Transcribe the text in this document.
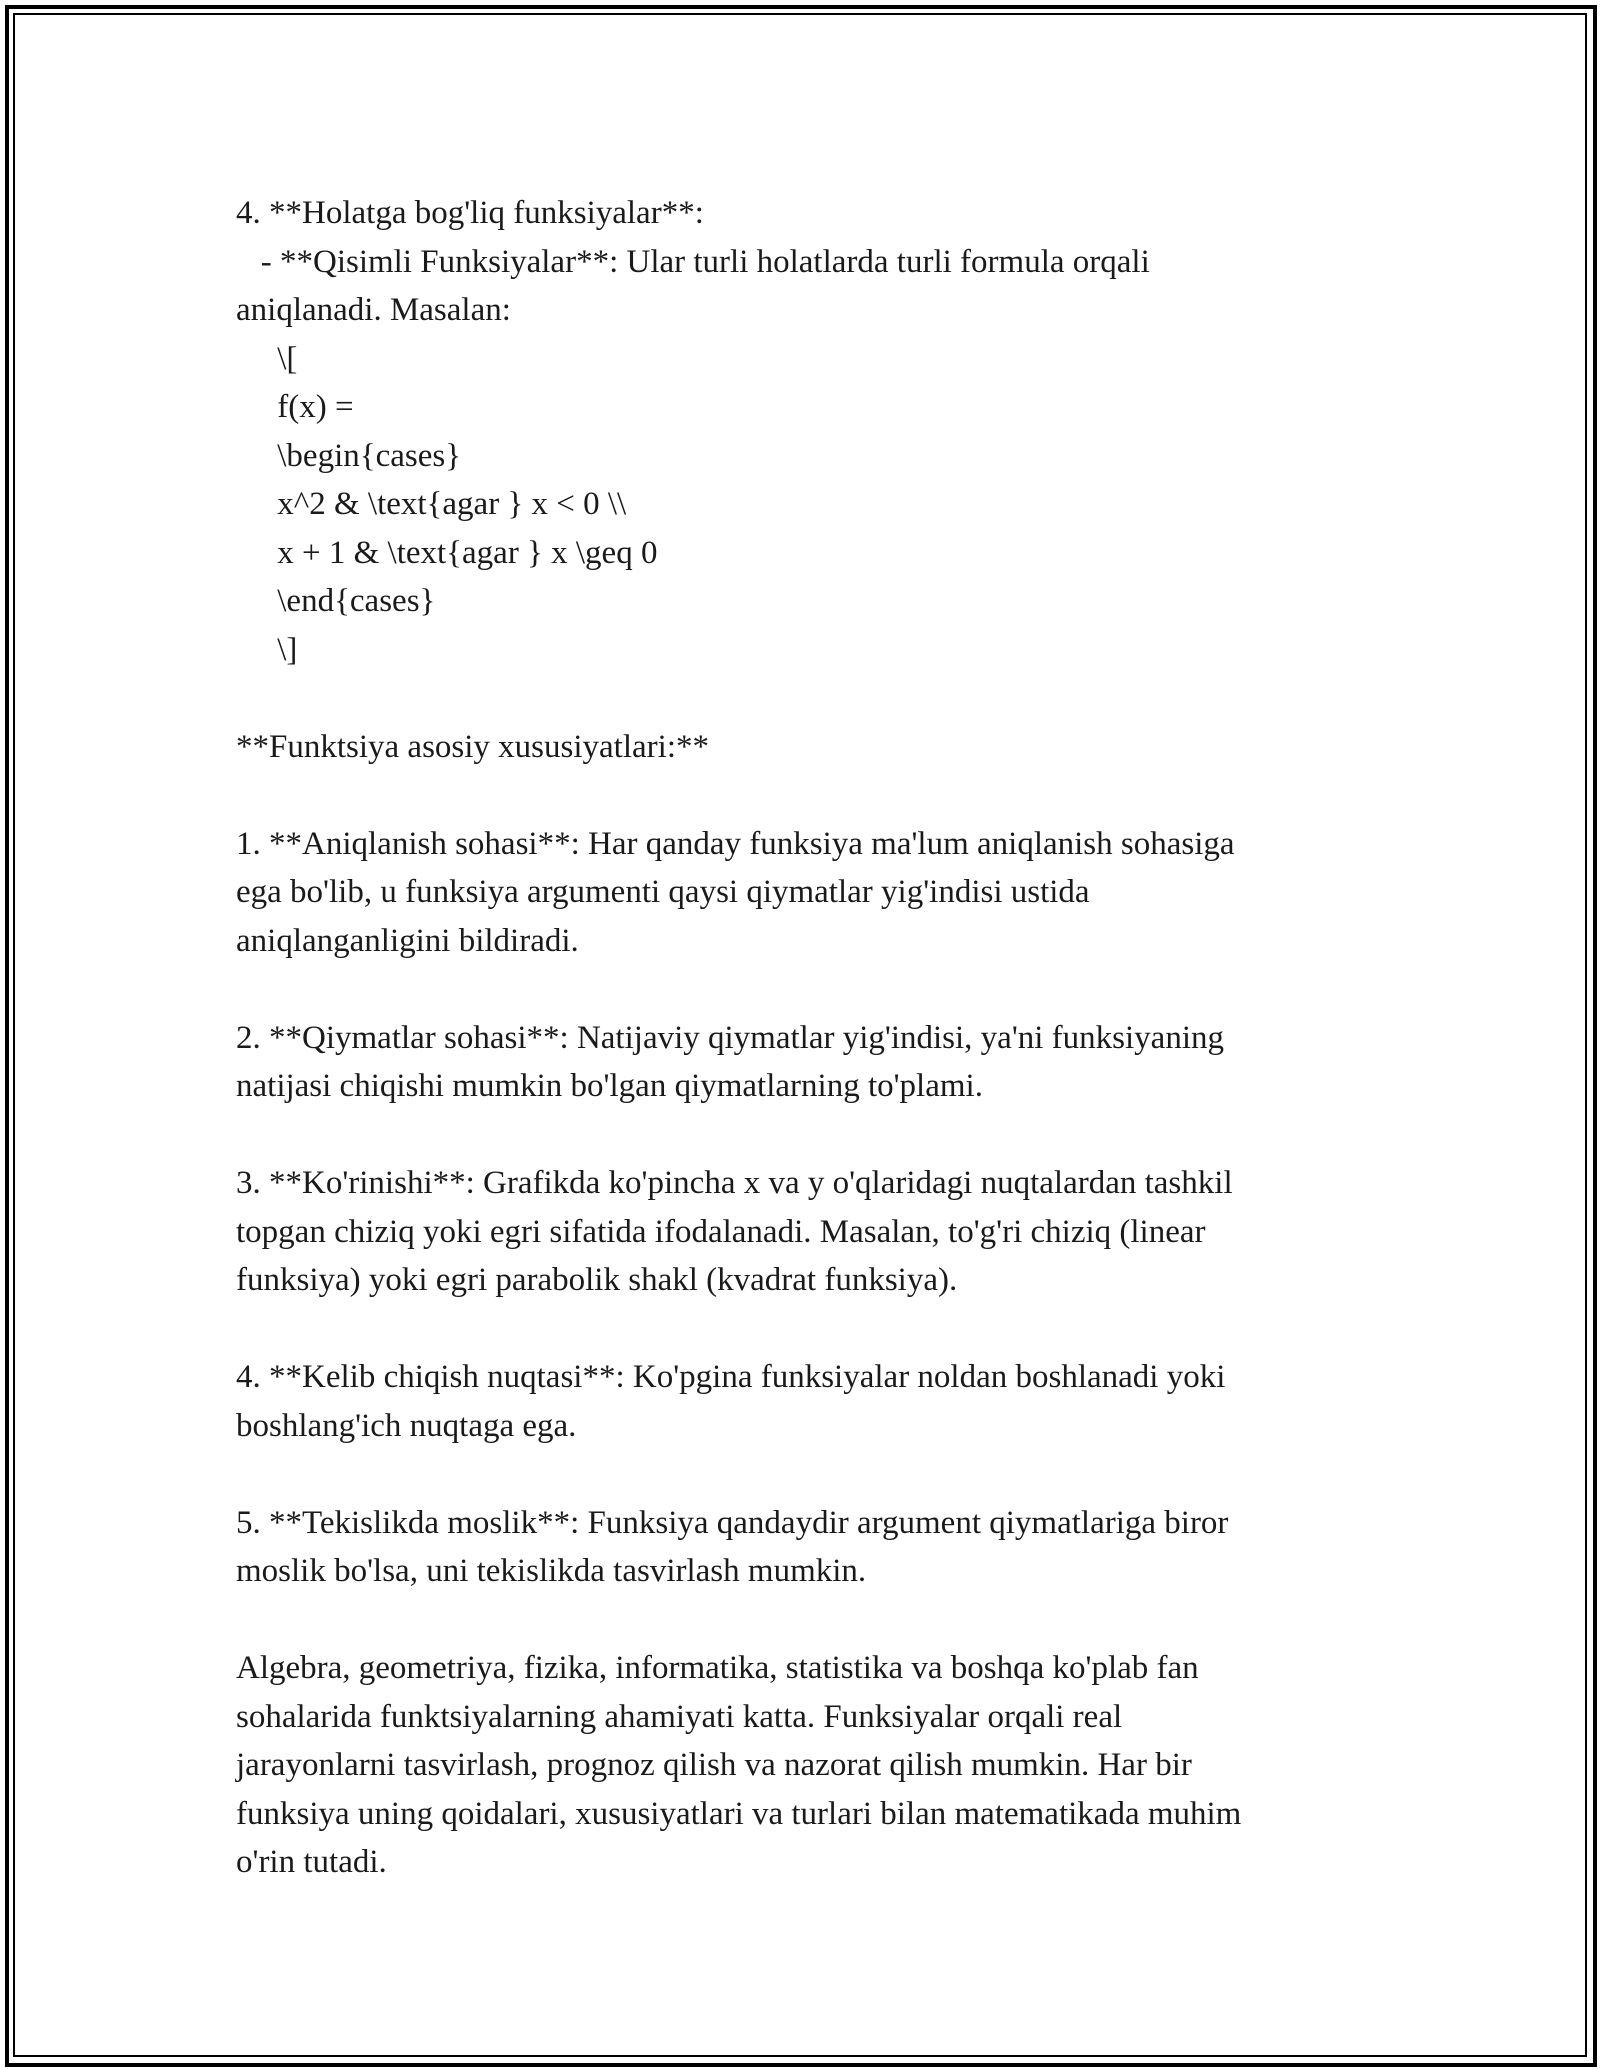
4. **Holatga bog'liq funksiyalar**:
- **Qisimli Funksiyalar**: Ular turli holatlarda turli formula orqali
aniqlanadi. Masalan:
\[
f(x) =
\begin{cases}
x^2 & \text{agar } x < 0 \\
x + 1 & \text{agar } x \geq 0
\end{cases}
\]
**Funktsiya asosiy xususiyatlari:**
1. **Aniqlanish sohasi**: Har qanday funksiya ma'lum aniqlanish sohasiga
ega bo'lib, u funksiya argumenti qaysi qiymatlar yig'indisi ustida
aniqlanganligini bildiradi.
2. **Qiymatlar sohasi**: Natijaviy qiymatlar yig'indisi, ya'ni funksiyaning
natijasi chiqishi mumkin bo'lgan qiymatlarning to'plami.
3. **Ko'rinishi**: Grafikda ko'pincha x va y o'qlaridagi nuqtalardan tashkil
topgan chiziq yoki egri sifatida ifodalanadi. Masalan, to'g'ri chiziq (linear
funksiya) yoki egri parabolik shakl (kvadrat funksiya).
4. **Kelib chiqish nuqtasi**: Ko'pgina funksiyalar noldan boshlanadi yoki
boshlang'ich nuqtaga ega.
5. **Tekislikda moslik**: Funksiya qandaydir argument qiymatlariga biror
moslik bo'lsa, uni tekislikda tasvirlash mumkin.
Algebra, geometriya, fizika, informatika, statistika va boshqa ko'plab fan
sohalarida funktsiyalarning ahamiyati katta. Funksiyalar orqali real
jarayonlarni tasvirlash, prognoz qilish va nazorat qilish mumkin. Har bir
funksiya uning qoidalari, xususiyatlari va turlari bilan matematikada muhim
o'rin tutadi.
